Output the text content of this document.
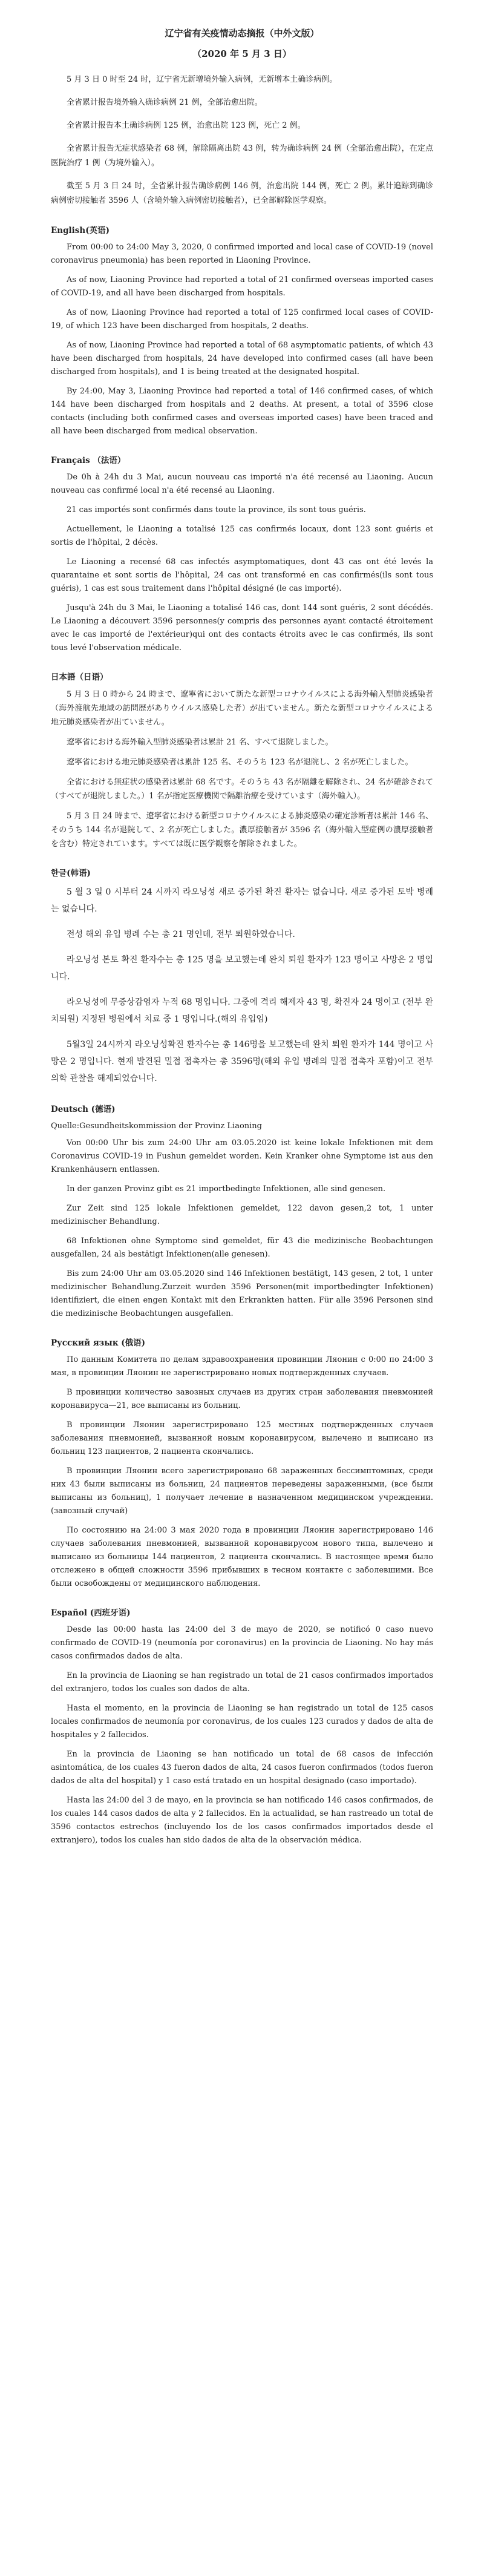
辽宁省有关疫情动态摘报（中外文版）
（2020 年 5 月 3 日）

5 月 3 日 0 时至 24 时，辽宁省无新增境外输入病例，无新增本土确诊病例。

全省累计报告境外输入确诊病例 21 例，全部治愈出院。

全省累计报告本土确诊病例 125 例，治愈出院 123 例，死亡 2 例。

全省累计报告无症状感染者 68 例，解除隔离出院 43 例，转为确诊病例 24 例（全部治愈出院），在定点医院治疗 1 例（为境外输入）。

截至 5 月 3 日 24 时，全省累计报告确诊病例 146 例，治愈出院 144 例，死亡 2 例。累计追踪到确诊病例密切接触者 3596 人（含境外输入病例密切接触者），已全部解除医学观察。

English(英语)

From 00:00 to 24:00 May 3, 2020, 0 confirmed imported and local case of COVID-19 (novel coronavirus pneumonia) has been reported in Liaoning Province.

As of now, Liaoning Province had reported a total of 21 confirmed overseas imported cases of COVID-19, and all have been discharged from hospitals.

As of now, Liaoning Province had reported a total of 125 confirmed local cases of COVID-19, of which 123 have been discharged from hospitals, 2 deaths.

As of now, Liaoning Province had reported a total of 68 asymptomatic patients, of which 43 have been discharged from hospitals, 24 have developed into confirmed cases (all have been discharged from hospitals), and 1 is being treated at the designated hospital.

By 24:00, May 3, Liaoning Province had reported a total of 146 confirmed cases, of which 144 have been discharged from hospitals and 2 deaths. At present, a total of 3596 close contacts (including both confirmed cases and overseas imported cases) have been traced and all have been discharged from medical observation.

Français （法语）

De 0h à 24h du 3 Mai, aucun nouveau cas importé n'a été recensé au Liaoning. Aucun nouveau cas confirmé local n'a été recensé au Liaoning.

21 cas importés sont confirmés dans toute la province, ils sont tous guéris.

Actuellement, le Liaoning a totalisé 125 cas confirmés locaux, dont 123 sont guéris et sortis de l'hôpital, 2 décès.

Le Liaoning a recensé 68 cas infectés asymptomatiques, dont 43 cas ont été levés la quarantaine et sont sortis de l'hôpital, 24 cas ont transformé en cas confirmés(ils sont tous guéris), 1 cas est sous traitement dans l'hôpital désigné (le cas importé).

Jusqu'à 24h du 3 Mai, le Liaoning a totalisé 146 cas, dont 144 sont guéris, 2 sont décédés. Le Liaoning a découvert 3596 personnes(y compris des personnes ayant contacté étroitement avec le cas importé de l'extérieur)qui ont des contacts étroits avec le cas confirmés, ils sont tous levé l'observation médicale.

日本語（日语）

5 月 3 日 0 時から 24 時まで、遼寧省において新たな新型コロナウイルスによる海外輸入型肺炎感染者（海外渡航先地域の訪問歴がありウイルス感染した者）が出ていません。新たな新型コロナウイルスによる地元肺炎感染者が出ていません。

遼寧省における海外輸入型肺炎感染者は累計 21 名、すべて退院しました。

遼寧省における地元肺炎感染者は累計 125 名、そのうち 123 名が退院し、2 名が死亡しました。

全省における無症状の感染者は累計 68 名です。そのうち 43 名が隔離を解除され、24 名が確診されて（すべてが退院しました。）1 名が指定医療機関で隔離治療を受けています（海外輸入）。

5 月 3 日 24 時まで、遼寧省における新型コロナウイルスによる肺炎感染の確定診断者は累計 146 名、そのうち 144 名が退院して、2 名が死亡しました。濃厚接触者が 3596 名（海外輸入型症例の濃厚接触者を含む）特定されています。すべては既に医学観察を解除されました。

한글(韩语)

5 월 3 일 0 시부터 24 시까지 라오닝성 새로 증가된 확진 환자는 없습니다. 새로 증가된 토박 병례는 없습니다.

전성 해외 유입 병례 수는 총 21 명인데, 전부 퇴원하였습니다.

라오닝성 본토 확진 환자수는 총 125 명을 보고했는데 완치 퇴원 환자가 123 명이고 사망은 2 명입니다.

라오닝성에 무증상감염자 누적 68 명입니다. 그중에 격리 해제자 43 명, 확진자 24 명이고 (전부 완치퇴원) 지정된 병원에서 치료 중 1 명입니다.(해외 유입임)

5월3일 24시까지 라오닝성확진 환자수는 총 146명을 보고했는데 완치 퇴원 환자가 144 명이고 사망은 2 명입니다. 현재 발견된 밀접 접촉자는 총 3596명(해외 유입 병례의 밀접 접촉자 포함)이고 전부 의학 관찰을 해제되었습니다.

Deutsch (德语)
Quelle:Gesundheitskommission der Provinz Liaoning

Von 00:00 Uhr bis zum 24:00 Uhr am 03.05.2020 ist keine lokale Infektionen mit dem Coronavirus COVID-19 in Fushun gemeldet worden. Kein Kranker ohne Symptome ist aus den Krankenhäusern entlassen.

In der ganzen Provinz gibt es 21 importbedingte Infektionen, alle sind genesen.

Zur Zeit sind 125 lokale Infektionen gemeldet, 122 davon gesen,2 tot, 1 unter medizinischer Behandlung.

68 Infektionen ohne Symptome sind gemeldet, für 43 die medizinische Beobachtungen ausgefallen, 24 als bestätigt Infektionen(alle genesen).

Bis zum 24:00 Uhr am 03.05.2020 sind 146 Infektionen bestätigt, 143 gesen, 2 tot, 1 unter medizinischer Behandlung.Zurzeit wurden 3596 Personen(mit importbedingter Infektionen) identifiziert, die einen engen Kontakt mit den Erkrankten hatten. Für alle 3596 Personen sind die medizinische Beobachtungen ausgefallen.

Русский язык (俄语)

По данным Комитета по делам здравоохранения провинции Ляонин с 0:00 по 24:00 3 мая, в провинции Ляонин не зарегистрировано новых подтвержденных случаев.

В провинции количество завозных случаев из других стран заболевания пневмонией коронавируса—21, все выписаны из больниц.

В провинции Ляонин зарегистрировано 125 местных подтвержденных случаев заболевания пневмонией, вызванной новым коронавирусом, вылечено и выписано из больниц 123 пациентов, 2 пациента скончались.

В провинции Ляонин всего зарегистрировано 68 зараженных бессимптомных, среди них 43 были выписаны из больниц, 24 пациентов переведены зараженными, (все были выписаны из больниц), 1 получает лечение в назначенном медицинском учреждении. (завозный случай)

По состоянию на 24:00 3 мая 2020 года в провинции Ляонин зарегистрировано 146 случаев заболевания пневмонией, вызванной коронавирусом нового типа, вылечено и выписано из больницы 144 пациентов, 2 пациента скончались. В настоящее время было отслежено в общей сложности 3596 прибывших в тесном контакте с заболевшими. Все были освобождены от медицинского наблюдения.

Español (西班牙语)

Desde las 00:00 hasta las 24:00 del 3 de mayo de 2020, se notificó 0 caso nuevo confirmado de COVID-19 (neumonía por coronavirus) en la provincia de Liaoning. No hay más casos confirmados dados de alta.

En la provincia de Liaoning se han registrado un total de 21 casos confirmados importados del extranjero, todos los cuales son dados de alta.

Hasta el momento, en la provincia de Liaoning se han registrado un total de 125 casos locales confirmados de neumonía por coronavirus, de los cuales 123 curados y dados de alta de hospitales y 2 fallecidos.

En la provincia de Liaoning se han notificado un total de 68 casos de infección asintomática, de los cuales 43 fueron dados de alta, 24 casos fueron confirmados (todos fueron dados de alta del hospital) y 1 caso está tratado en un hospital designado (caso importado).

Hasta las 24:00 del 3 de mayo, en la provincia se han notificado 146 casos confirmados, de los cuales 144 casos dados de alta y 2 fallecidos. En la actualidad, se han rastreado un total de 3596 contactos estrechos (incluyendo los de los casos confirmados importados desde el extranjero), todos los cuales han sido dados de alta de la observación médica.
